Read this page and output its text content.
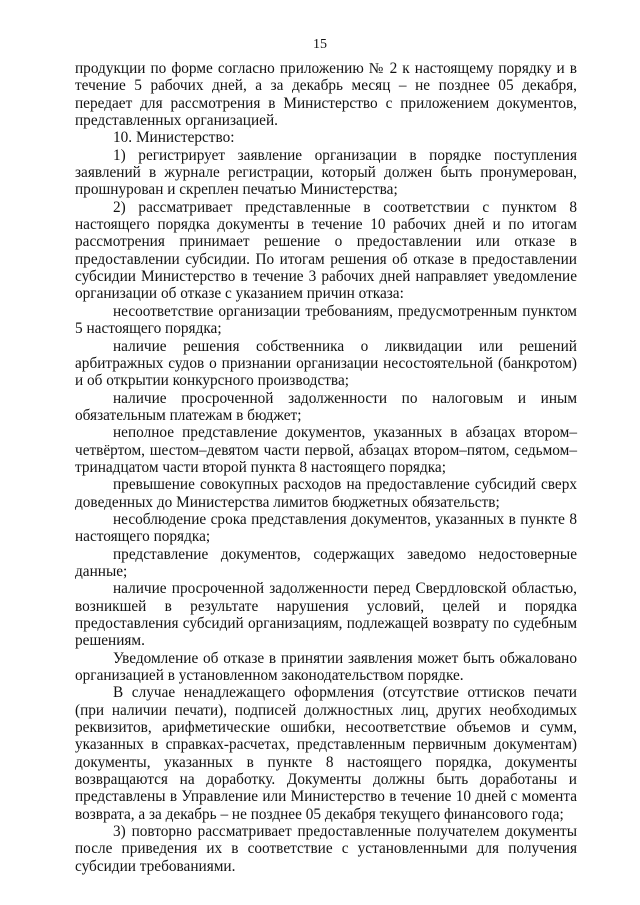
15

продукции по форме согласно приложению № 2 к настоящему порядку и в течение 5 рабочих дней, а за декабрь месяц – не позднее 05 декабря, передает для рассмотрения в Министерство с приложением документов, представленных организацией.

10. Министерство:

1) регистрирует заявление организации в порядке поступления заявлений в журнале регистрации, который должен быть пронумерован, прошнурован и скреплен печатью Министерства;

2) рассматривает представленные в соответствии с пунктом 8 настоящего порядка документы в течение 10 рабочих дней и по итогам рассмотрения принимает решение о предоставлении или отказе в предоставлении субсидии. По итогам решения об отказе в предоставлении субсидии Министерство в течение 3 рабочих дней направляет уведомление организации об отказе с указанием причин отказа:

несоответствие организации требованиям, предусмотренным пунктом 5 настоящего порядка;

наличие решения собственника о ликвидации или решений арбитражных судов о признании организации несостоятельной (банкротом) и об открытии конкурсного производства;

наличие просроченной задолженности по налоговым и иным обязательным платежам в бюджет;

неполное представление документов, указанных в абзацах втором–четвёртом, шестом–девятом части первой, абзацах втором–пятом, седьмом– тринадцатом части второй пункта 8 настоящего порядка;

превышение совокупных расходов на предоставление субсидий сверх доведенных до Министерства лимитов бюджетных обязательств;

несоблюдение срока представления документов, указанных в пункте 8 настоящего порядка;

представление документов, содержащих заведомо недостоверные данные;

наличие просроченной задолженности перед Свердловской областью, возникшей в результате нарушения условий, целей и порядка предоставления субсидий организациям, подлежащей возврату по судебным решениям.

Уведомление об отказе в принятии заявления может быть обжаловано организацией в установленном законодательством порядке.

В случае ненадлежащего оформления (отсутствие оттисков печати (при наличии печати), подписей должностных лиц, других необходимых реквизитов, арифметические ошибки, несоответствие объемов и сумм, указанных в справках-расчетах, представленным первичным документам) документы, указанных в пункте 8 настоящего порядка, документы возвращаются на доработку. Документы должны быть доработаны и представлены в Управление или Министерство в течение 10 дней с момента возврата, а за декабрь – не позднее 05 декабря текущего финансового года;

3) повторно рассматривает предоставленные получателем документы после приведения их в соответствие с установленными для получения субсидии требованиями.
